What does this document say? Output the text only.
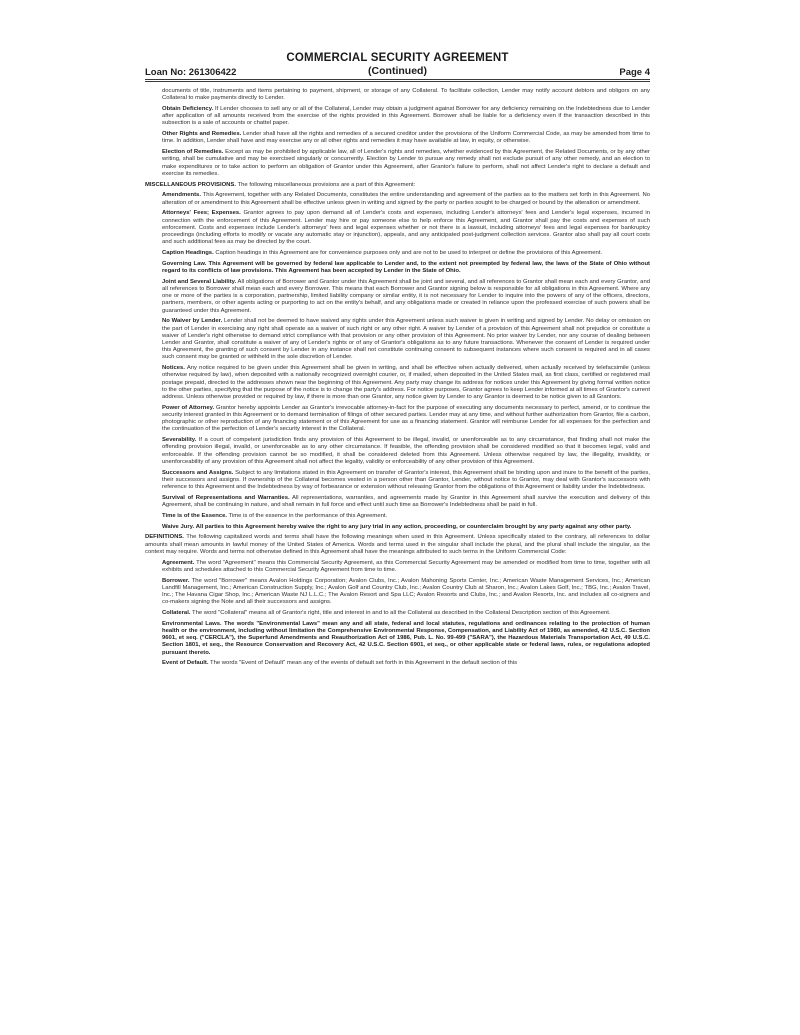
Loan No: 261306422
COMMERCIAL SECURITY AGREEMENT
(Continued)	Page 4

documents of title, instruments and items pertaining to payment, shipment, or storage of any Collateral. To facilitate collection, Lender may notify account debtors and obligors on any Collateral to make payments directly to Lender.

Obtain Deficiency. If Lender chooses to sell any or all of the Collateral, Lender may obtain a judgment against Borrower for any deficiency remaining on the Indebtedness due to Lender after application of all amounts received from the exercise of the rights provided in this Agreement. Borrower shall be liable for a deficiency even if the transaction described in this subsection is a sale of accounts or chattel paper.

Other Rights and Remedies. Lender shall have all the rights and remedies of a secured creditor under the provisions of the Uniform Commercial Code, as may be amended from time to time. In addition, Lender shall have and may exercise any or all other rights and remedies it may have available at law, in equity, or otherwise.

Election of Remedies. Except as may be prohibited by applicable law, all of Lender's rights and remedies, whether evidenced by this Agreement, the Related Documents, or by any other writing, shall be cumulative and may be exercised singularly or concurrently. Election by Lender to pursue any remedy shall not exclude pursuit of any other remedy, and an election to make expenditures or to take action to perform an obligation of Grantor under this Agreement, after Grantor's failure to perform, shall not affect Lender's right to declare a default and exercise its remedies.

MISCELLANEOUS PROVISIONS. The following miscellaneous provisions are a part of this Agreement:

Amendments. This Agreement, together with any Related Documents, constitutes the entire understanding and agreement of the parties as to the matters set forth in this Agreement. No alteration of or amendment to this Agreement shall be effective unless given in writing and signed by the party or parties sought to be charged or bound by the alteration or amendment.

Attorneys' Fees; Expenses. Grantor agrees to pay upon demand all of Lender's costs and expenses, including Lender's attorneys' fees and Lender's legal expenses, incurred in connection with the enforcement of this Agreement. Lender may hire or pay someone else to help enforce this Agreement, and Grantor shall pay the costs and expenses of such enforcement. Costs and expenses include Lender's attorneys' fees and legal expenses whether or not there is a lawsuit, including attorneys' fees and legal expenses for bankruptcy proceedings (including efforts to modify or vacate any automatic stay or injunction), appeals, and any anticipated post-judgment collection services. Grantor also shall pay all court costs and such additional fees as may be directed by the court.

Caption Headings. Caption headings in this Agreement are for convenience purposes only and are not to be used to interpret or define the provisions of this Agreement.

Governing Law. This Agreement will be governed by federal law applicable to Lender and, to the extent not preempted by federal law, the laws of the State of Ohio without regard to its conflicts of law provisions. This Agreement has been accepted by Lender in the State of Ohio.

Joint and Several Liability. All obligations of Borrower and Grantor under this Agreement shall be joint and several, and all references to Grantor shall mean each and every Grantor, and all references to Borrower shall mean each and every Borrower. This means that each Borrower and Grantor signing below is responsible for all obligations in this Agreement. Where any one or more of the parties is a corporation, partnership, limited liability company or similar entity, it is not necessary for Lender to inquire into the powers of any of the officers, directors, partners, members, or other agents acting or purporting to act on the entity's behalf, and any obligations made or created in reliance upon the professed exercise of such powers shall be guaranteed under this Agreement.

No Waiver by Lender. Lender shall not be deemed to have waived any rights under this Agreement unless such waiver is given in writing and signed by Lender. No delay or omission on the part of Lender in exercising any right shall operate as a waiver of such right or any other right. A waiver by Lender of a provision of this Agreement shall not prejudice or constitute a waiver of Lender's right otherwise to demand strict compliance with that provision or any other provision of this Agreement. No prior waiver by Lender, nor any course of dealing between Lender and Grantor, shall constitute a waiver of any of Lender's rights or of any of Grantor's obligations as to any future transactions. Whenever the consent of Lender is required under this Agreement, the granting of such consent by Lender in any instance shall not constitute continuing consent to subsequent instances where such consent is required and in all cases such consent may be granted or withheld in the sole discretion of Lender.

Notices. Any notice required to be given under this Agreement shall be given in writing, and shall be effective when actually delivered, when actually received by telefacsimile (unless otherwise required by law), when deposited with a nationally recognized overnight courier, or, if mailed, when deposited in the United States mail, as first class, certified or registered mail postage prepaid, directed to the addresses shown near the beginning of this Agreement. Any party may change its address for notices under this Agreement by giving formal written notice to the other parties, specifying that the purpose of the notice is to change the party's address. For notice purposes, Grantor agrees to keep Lender informed at all times of Grantor's current address. Unless otherwise provided or required by law, if there is more than one Grantor, any notice given by Lender to any Grantor is deemed to be notice given to all Grantors.

Power of Attorney. Grantor hereby appoints Lender as Grantor's irrevocable attorney-in-fact for the purpose of executing any documents necessary to perfect, amend, or to continue the security interest granted in this Agreement or to demand termination of filings of other secured parties. Lender may at any time, and without further authorization from Grantor, file a carbon, photographic or other reproduction of any financing statement or of this Agreement for use as a financing statement. Grantor will reimburse Lender for all expenses for the perfection and the continuation of the perfection of Lender's security interest in the Collateral.

Severability. If a court of competent jurisdiction finds any provision of this Agreement to be illegal, invalid, or unenforceable as to any circumstance, that finding shall not make the offending provision illegal, invalid, or unenforceable as to any other circumstance. If feasible, the offending provision shall be considered modified so that it becomes legal, valid and enforceable. If the offending provision cannot be so modified, it shall be considered deleted from this Agreement. Unless otherwise required by law, the illegality, invalidity, or unenforceability of any provision of this Agreement shall not affect the legality, validity or enforceability of any other provision of this Agreement.

Successors and Assigns. Subject to any limitations stated in this Agreement on transfer of Grantor's interest, this Agreement shall be binding upon and inure to the benefit of the parties, their successors and assigns. If ownership of the Collateral becomes vested in a person other than Grantor, Lender, without notice to Grantor, may deal with Grantor's successors with reference to this Agreement and the Indebtedness by way of forbearance or extension without releasing Grantor from the obligations of this Agreement or liability under the Indebtedness.

Survival of Representations and Warranties. All representations, warranties, and agreements made by Grantor in this Agreement shall survive the execution and delivery of this Agreement, shall be continuing in nature, and shall remain in full force and effect until such time as Borrower's Indebtedness shall be paid in full.

Time is of the Essence. Time is of the essence in the performance of this Agreement.

Waive Jury. All parties to this Agreement hereby waive the right to any jury trial in any action, proceeding, or counterclaim brought by any party against any other party.

DEFINITIONS. The following capitalized words and terms shall have the following meanings when used in this Agreement. Unless specifically stated to the contrary, all references to dollar amounts shall mean amounts in lawful money of the United States of America. Words and terms used in the singular shall include the plural, and the plural shall include the singular, as the context may require. Words and terms not otherwise defined in this Agreement shall have the meanings attributed to such terms in the Uniform Commercial Code:

Agreement. The word "Agreement" means this Commercial Security Agreement, as this Commercial Security Agreement may be amended or modified from time to time, together with all exhibits and schedules attached to this Commercial Security Agreement from time to time.

Borrower. The word "Borrower" means Avalon Holdings Corporation; Avalon Clubs, Inc.; Avalon Mahoning Sports Center, Inc.; American Waste Management Services, Inc.; American Landfill Management, Inc.; American Construction Supply, Inc.; Avalon Golf and Country Club, Inc.; Avalon Country Club at Sharon, Inc.; Avalon Lakes Golf, Inc.; TBG, Inc.; Avalon Travel, Inc.; The Havana Cigar Shop, Inc.; American Waste NJ L.L.C.; The Avalon Resort and Spa LLC; Avalon Resorts and Clubs, Inc.; and Avalon Resorts, Inc. and includes all co-signers and co-makers signing the Note and all their successors and assigns.

Collateral. The word "Collateral" means all of Grantor's right, title and interest in and to all the Collateral as described in the Collateral Description section of this Agreement.

Environmental Laws. The words "Environmental Laws" mean any and all state, federal and local statutes, regulations and ordinances relating to the protection of human health or the environment, including without limitation the Comprehensive Environmental Response, Compensation, and Liability Act of 1980, as amended, 42 U.S.C. Section 9601, et seq. ("CERCLA"), the Superfund Amendments and Reauthorization Act of 1986, Pub. L. No. 99-499 ("SARA"), the Hazardous Materials Transportation Act, 49 U.S.C. Section 1801, et seq., the Resource Conservation and Recovery Act, 42 U.S.C. Section 6901, et seq., or other applicable state or federal laws, rules, or regulations adopted pursuant thereto.

Event of Default. The words "Event of Default" mean any of the events of default set forth in this Agreement in the default section of this
